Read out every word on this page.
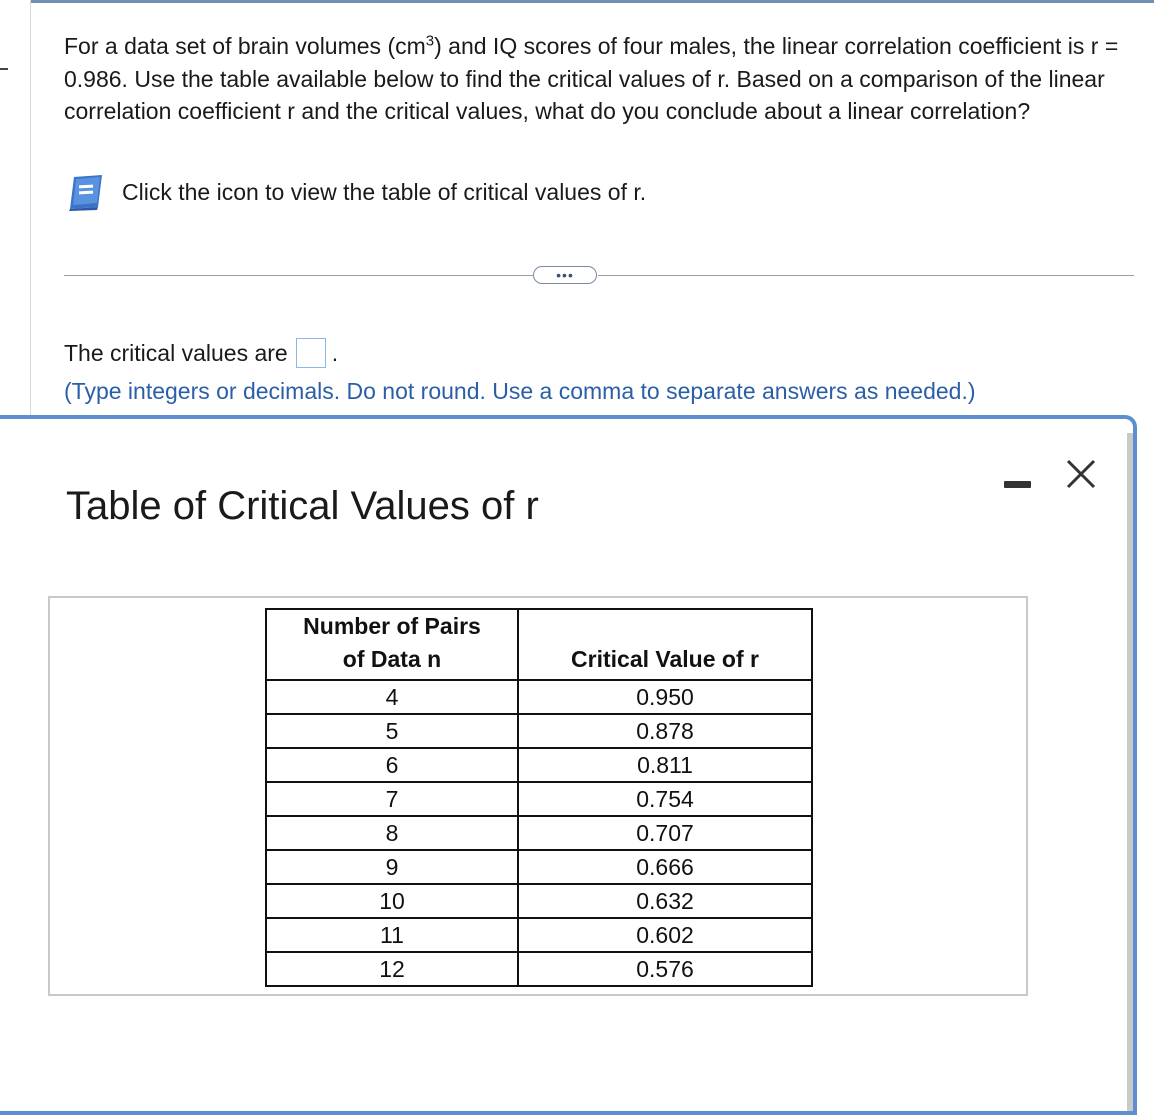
For a data set of brain volumes $(cm^3)$ and IQ scores of four males, the linear correlation coefficient is r = 0.986. Use the table available below to find the critical values of r. Based on a comparison of the linear correlation coefficient r and the critical values, what do you conclude about a linear correlation?
Click the icon to view the table of critical values of r.
•••
The critical values are .
(Type integers or decimals. Do not round. Use a comma to separate answers as needed.)
Table of Critical Values of r
Number of Pairs
of Data n	Critical Value of r
4	0.950
5	0.878
6	0.811
7	0.754
8	0.707
9	0.666
10	0.632
11	0.602
12	0.576
